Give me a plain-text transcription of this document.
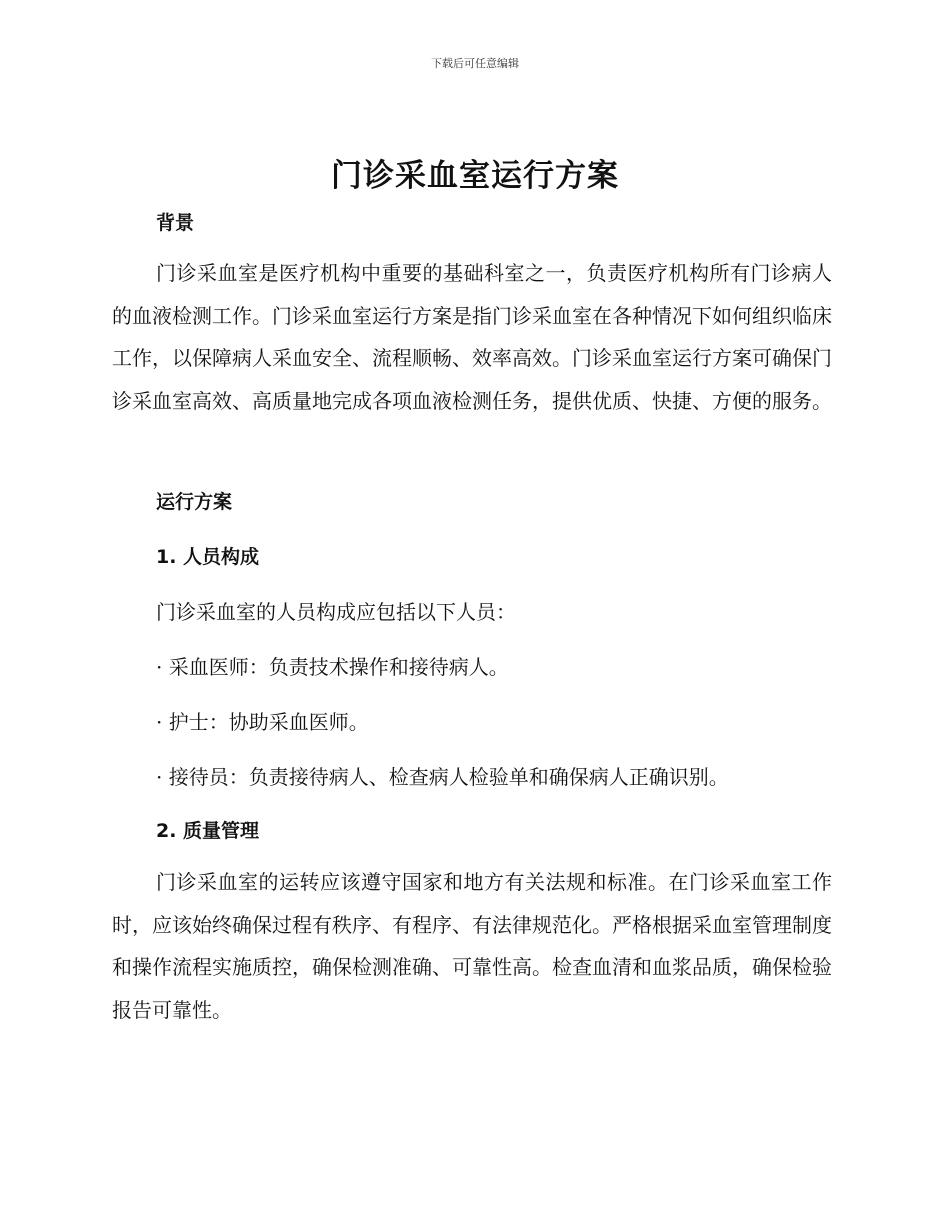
下载后可任意编辑
门诊采血室运行方案
背景

门诊采血室是医疗机构中重要的基础科室之一，负责医疗机构所有门诊病人的血液检测工作。门诊采血室运行方案是指门诊采血室在各种情况下如何组织临床工作，以保障病人采血安全、流程顺畅、效率高效。门诊采血室运行方案可确保门诊采血室高效、高质量地完成各项血液检测任务，提供优质、快捷、方便的服务。

运行方案
1. 人员构成
门诊采血室的人员构成应包括以下人员：
· 采血医师：负责技术操作和接待病人。
· 护士：协助采血医师。
· 接待员：负责接待病人、检查病人检验单和确保病人正确识别。
2. 质量管理

门诊采血室的运转应该遵守国家和地方有关法规和标准。在门诊采血室工作时，应该始终确保过程有秩序、有程序、有法律规范化。严格根据采血室管理制度和操作流程实施质控，确保检测准确、可靠性高。检查血清和血浆品质，确保检验报告可靠性。
